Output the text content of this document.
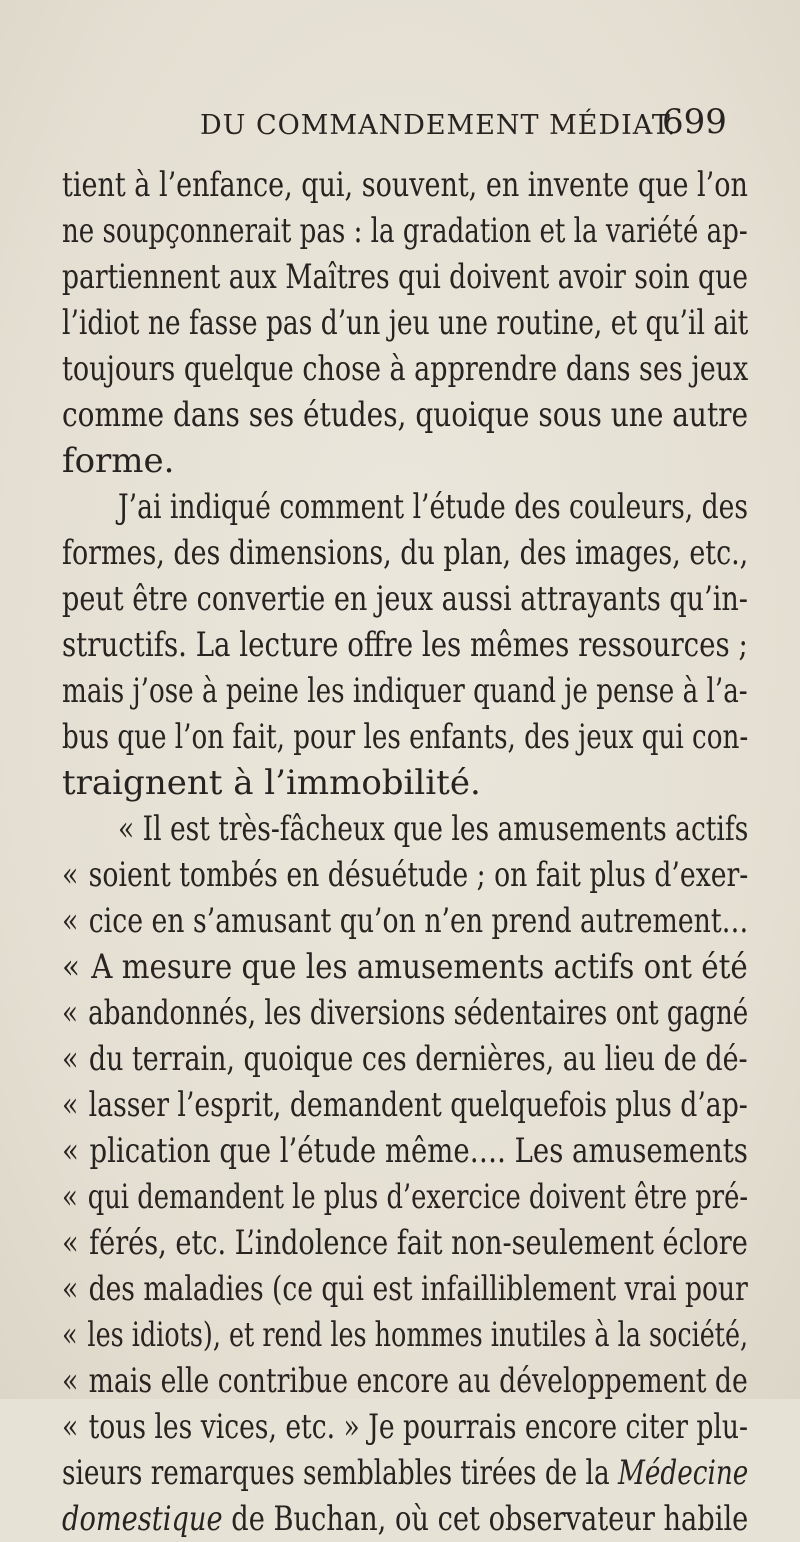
DU COMMANDEMENT MÉDIAT.
699
tient à l’enfance, qui, souvent, en invente que l’on
ne soupçonnerait pas : la gradation et la variété ap-
partiennent aux Maîtres qui doivent avoir soin que
l’idiot ne fasse pas d’un jeu une routine, et qu’il ait
toujours quelque chose à apprendre dans ses jeux
comme dans ses études, quoique sous une autre
forme.
J’ai indiqué comment l’étude des couleurs, des
formes, des dimensions, du plan, des images, etc.,
peut être convertie en jeux aussi attrayants qu’in-
structifs. La lecture offre les mêmes ressources ;
mais j’ose à peine les indiquer quand je pense à l’a-
bus que l’on fait, pour les enfants, des jeux qui con-
traignent à l’immobilité.
« Il est très-fâcheux que les amusements actifs
« soient tombés en désuétude ; on fait plus d’exer-
« cice en s’amusant qu’on n’en prend autrement…
« A mesure que les amusements actifs ont été
« abandonnés, les diversions sédentaires ont gagné
« du terrain, quoique ces dernières, au lieu de dé-
« lasser l’esprit, demandent quelquefois plus d’ap-
« plication que l’étude même…. Les amusements
« qui demandent le plus d’exercice doivent être pré-
« férés, etc. L’indolence fait non-seulement éclore
« des maladies (ce qui est infailliblement vrai pour
« les idiots), et rend les hommes inutiles à la société,
« mais elle contribue encore au développement de
« tous les vices, etc. » Je pourrais encore citer plu-
sieurs remarques semblables tirées de la Médecine
domestique de Buchan, où cet observateur habile
